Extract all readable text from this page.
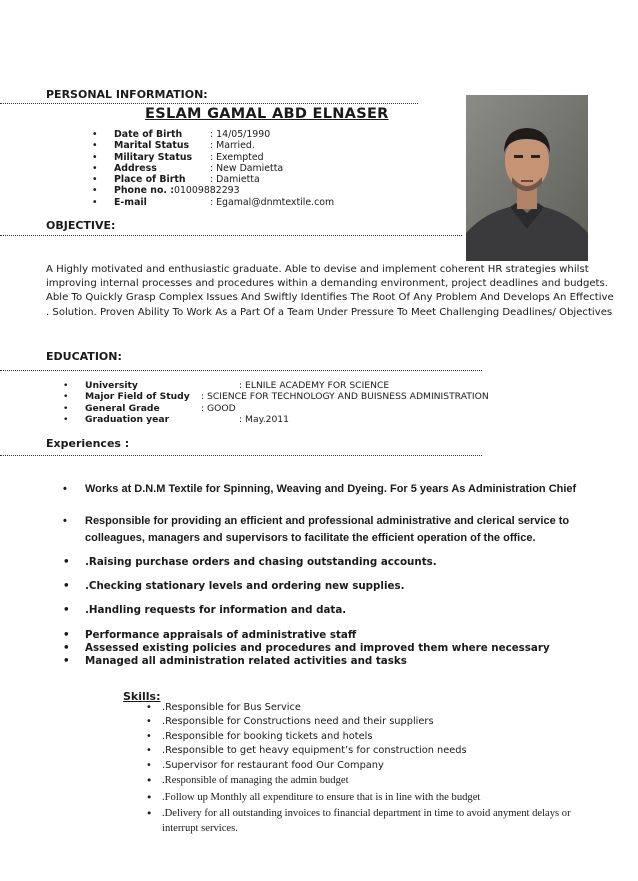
PERSONAL INFORMATION:
ESLAM GAMAL ABD ELNASER
• Date of Birth	: 14/05/1990
• Marital Status : Married.
• Military Status : Exempted
• Address	: New Damietta
• Place of Birth	: Damietta
• Phone no. :01009882293
• E-mail	: Egamal@dnmtextile.com
OBJECTIVE:
A Highly motivated and enthusiastic graduate. Able to devise and implement coherent HR strategies whilst
improving internal processes and procedures within a demanding environment, project deadlines and budgets.
Able To Quickly Grasp Complex Issues And Swiftly Identifies The Root Of Any Problem And Develops An Effective
. Solution. Proven Ability To Work As a Part Of a Team Under Pressure To Meet Challenging Deadlines/ Objectives
EDUCATION:
• University	: ELNILE ACADEMY FOR SCIENCE
• Major Field of Study : SCIENCE FOR TECHNOLOGY AND BUISNESS ADMINISTRATION
• General Grade	: GOOD
• Graduation year	: May.2011
Experiences :
• Works at D.N.M Textile for Spinning, Weaving and Dyeing. For 5 years As Administration Chief
• Responsible for providing an efficient and professional administrative and clerical service to
colleagues, managers and supervisors to facilitate the efficient operation of the office.
• .Raising purchase orders and chasing outstanding accounts.
• .Checking stationary levels and ordering new supplies.
• .Handling requests for information and data.
• Performance appraisals of administrative staff
• Assessed existing policies and procedures and improved them where necessary
• Managed all administration related activities and tasks
Skills:
• .Responsible for Bus Service
• .Responsible for Constructions need and their suppliers
• .Responsible for booking tickets and hotels
• .Responsible to get heavy equipment’s for construction needs
• .Supervisor for restaurant food Our Company
• .Responsible of managing the admin budget
• .Follow up Monthly all expenditure to ensure that is in line with the budget
• .Delivery for all outstanding invoices to financial department in time to avoid anyment delays or
interrupt services.
